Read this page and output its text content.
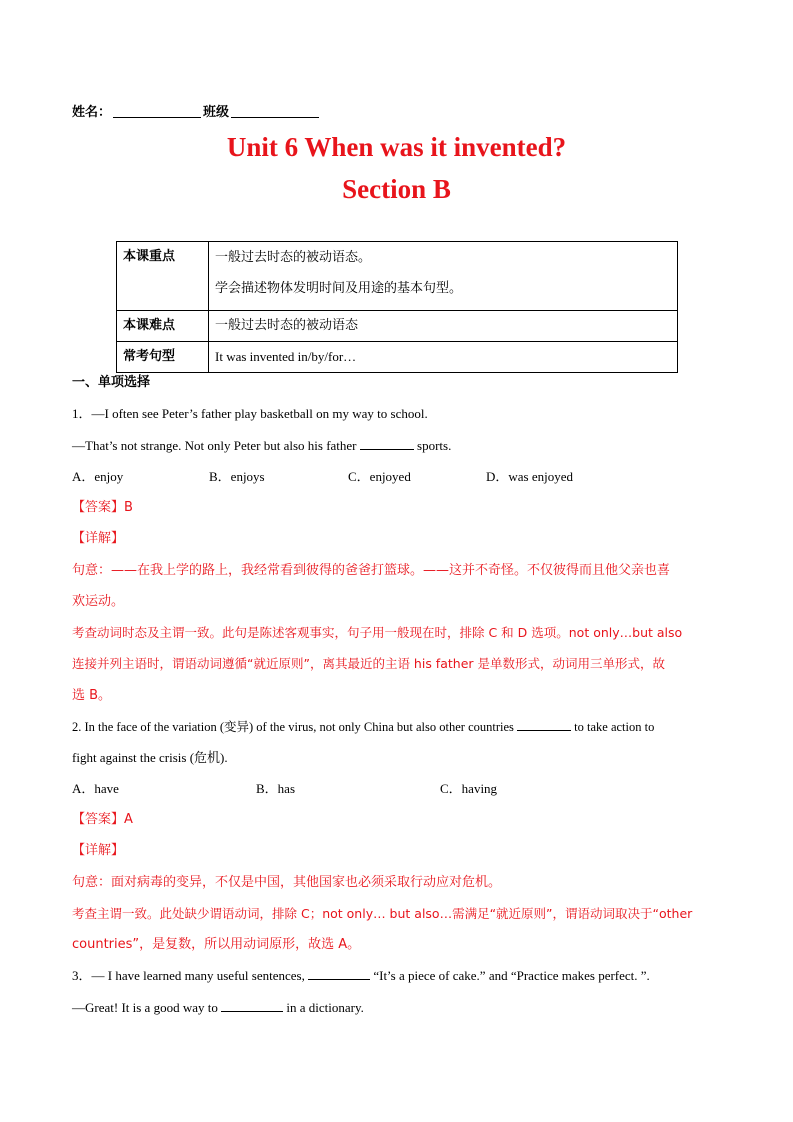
姓名：	班级
Unit 6 When was it invented?
Section B
本课重点	一般过去时态的被动语态。
学会描述物体发明时间及用途的基本句型。

本课难点	一般过去时态的被动语态
常考句型	It was invented in/by/for…
一、单项选择
1．—I often see Peter’s father play basketball on my way to school.
—That’s not strange. Not only Peter but also his father	sports.
A．enjoy	B．enjoys	C．enjoyed	D．was enjoyed
【答案】B
【详解】
句意：——在我上学的路上，我经常看到彼得的爸爸打篮球。——这并不奇怪。不仅彼得而且他父亲也喜
欢运动。
考查动词时态及主谓一致。此句是陈述客观事实，句子用一般现在时，排除 C 和 D 选项。not only…but also
连接并列主语时，谓语动词遵循“就近原则”，离其最近的主语 his father 是单数形式，动词用三单形式，故
选 B。
2. In the face of the variation (变异) of the virus, not only China but also other countries	to take action to
fight against the crisis (危机).
A．have	B．has	C．having
【答案】A
【详解】
句意：面对病毒的变异，不仅是中国，其他国家也必须采取行动应对危机。
考查主谓一致。此处缺少谓语动词，排除 C；not only… but also…需满足“就近原则”，谓语动词取决于“other
countries”，是复数，所以用动词原形，故选 A。
3．— I have learned many useful sentences,	“It’s a piece of cake.” and “Practice makes perfect. ”.
—Great! It is a good way to	in a dictionary.
